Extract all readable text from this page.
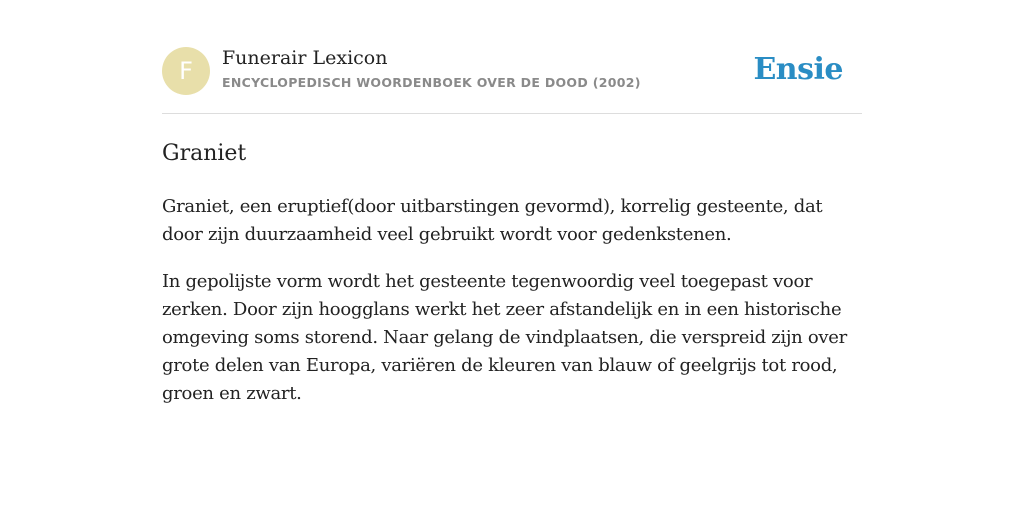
F	Funerair Lexicon
ENCYCLOPEDISCH WOORDENBOEK OVER DE DOOD (2002)	Ensie
Graniet

Graniet, een eruptief(door uitbarstingen gevormd), korrelig gesteente, dat door zijn duurzaamheid veel gebruikt wordt voor gedenkstenen.

In gepolijste vorm wordt het gesteente tegenwoordig veel toegepast voor zerken. Door zijn hoogglans werkt het zeer afstandelijk en in een historische omgeving soms storend. Naar gelang de vindplaatsen, die verspreid zijn over grote delen van Europa, variëren de kleuren van blauw of geelgrijs tot rood, groen en zwart.
